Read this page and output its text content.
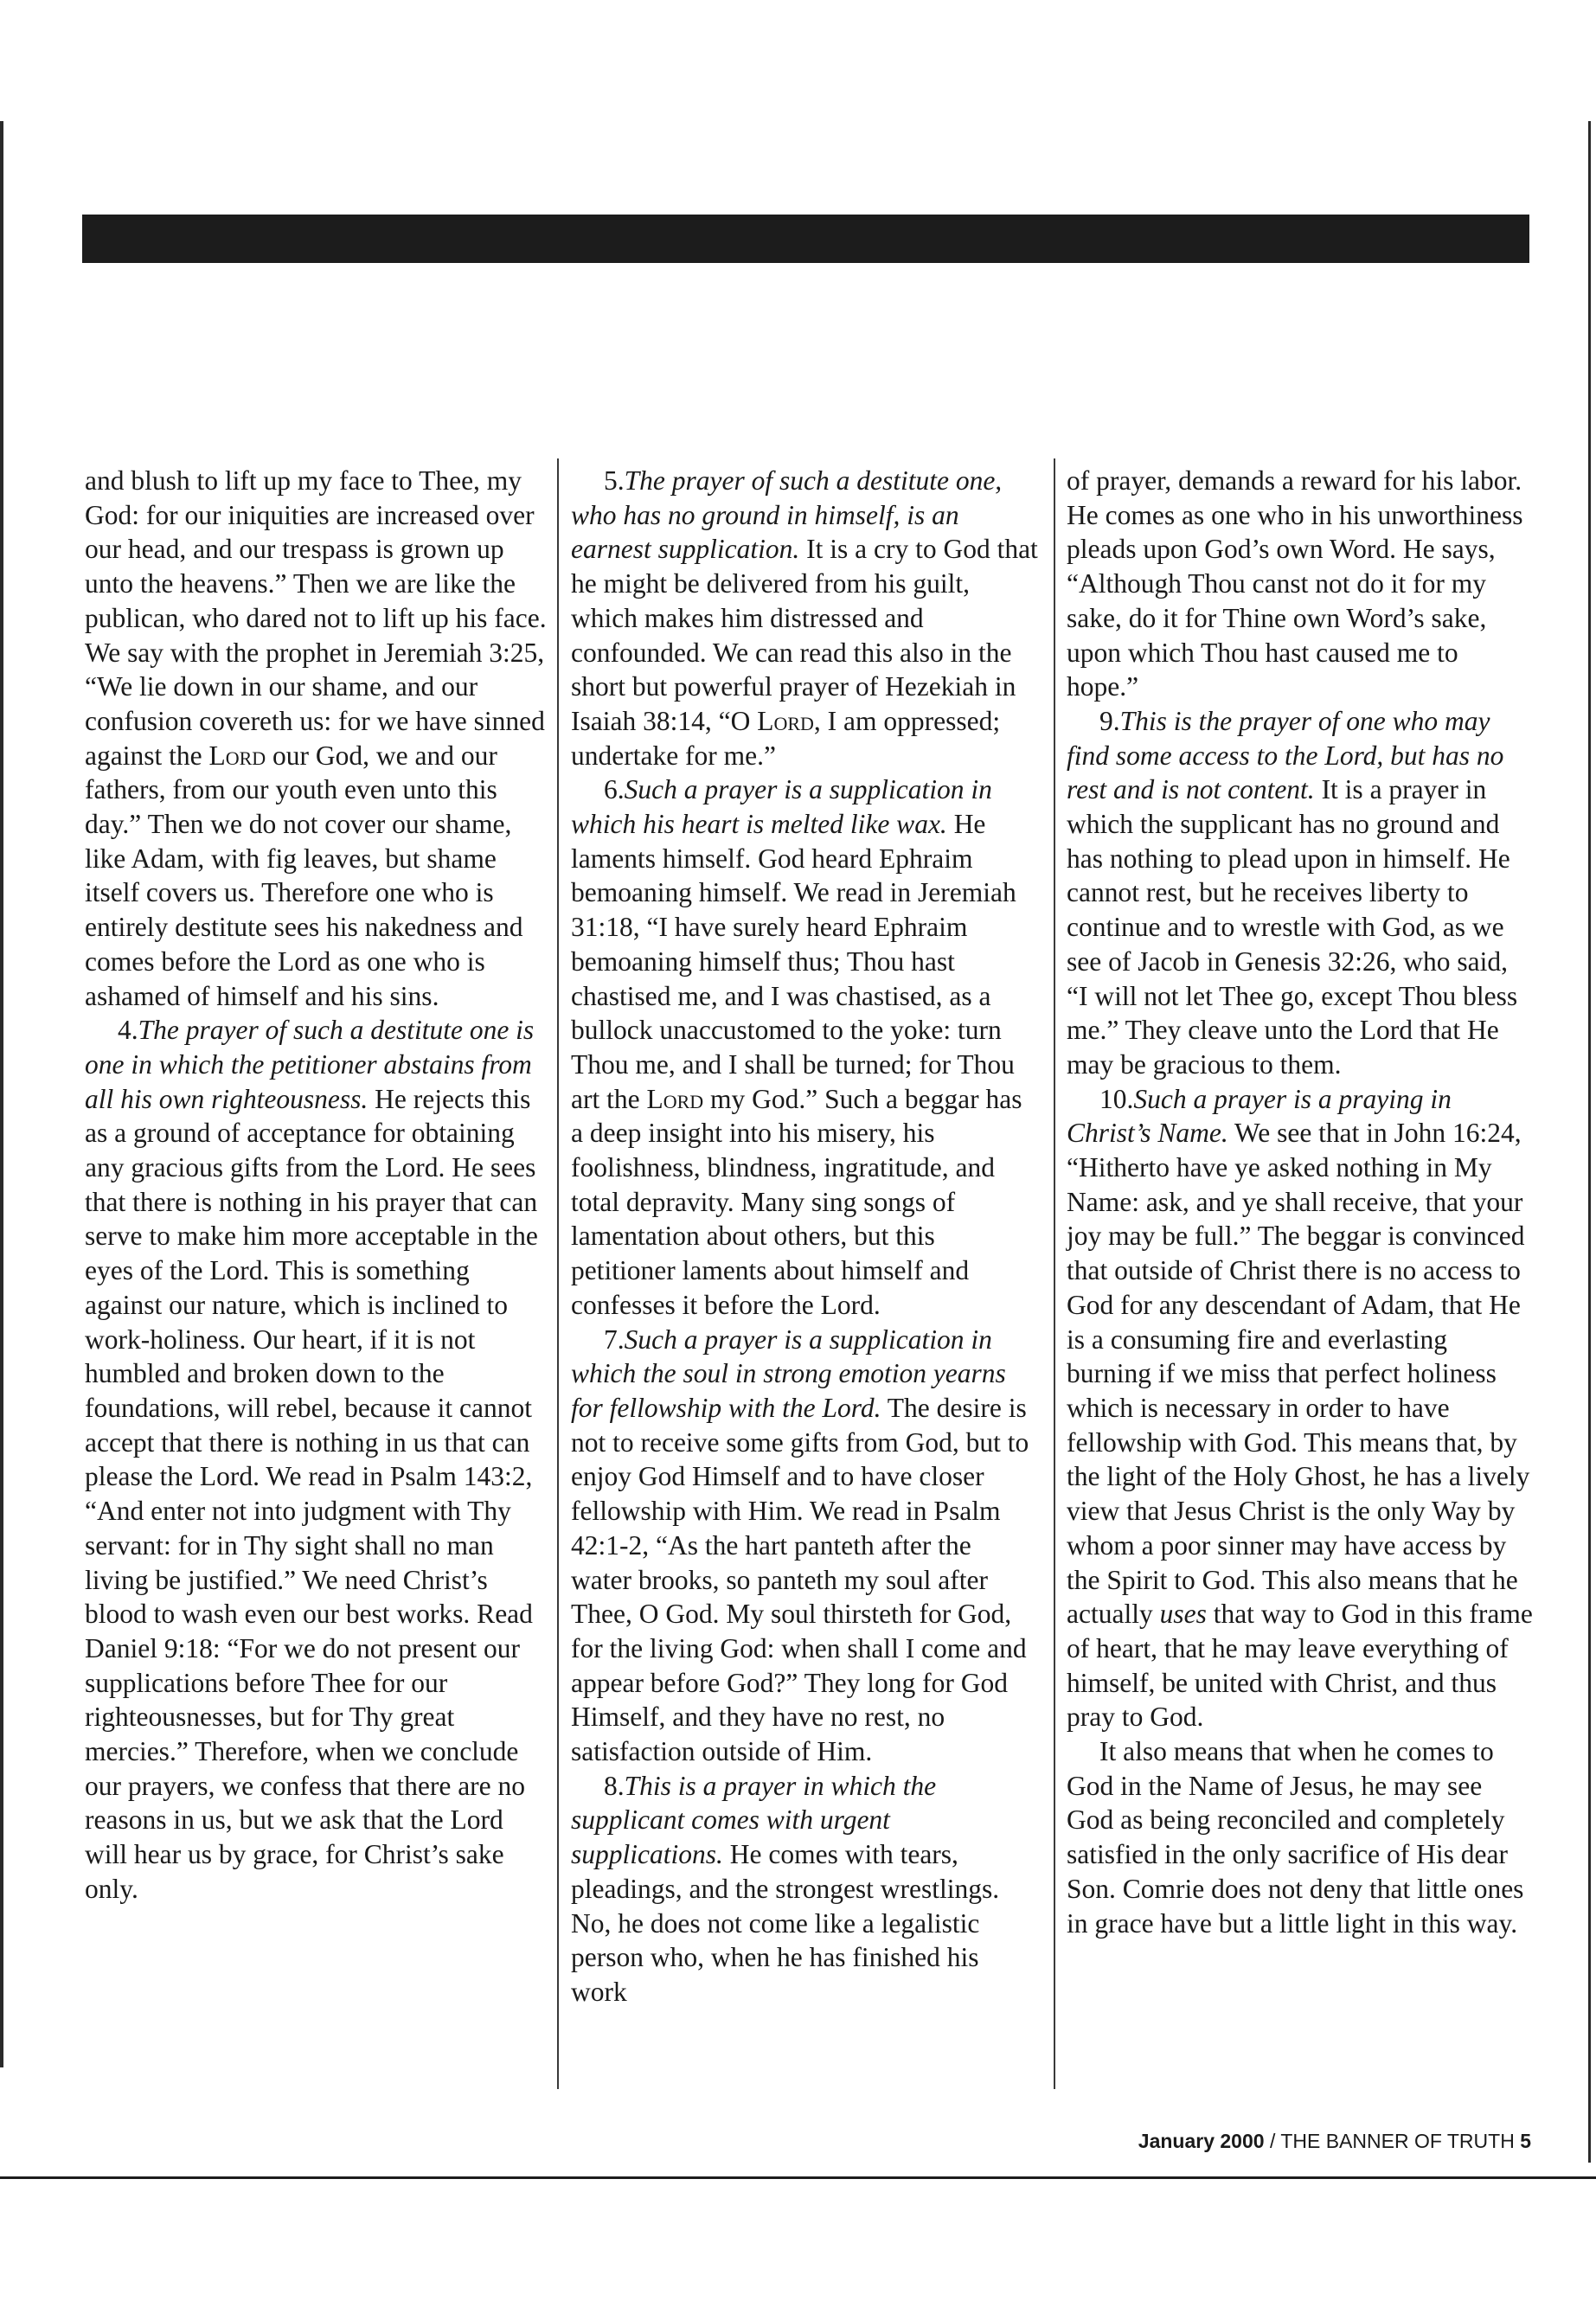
and blush to lift up my face to Thee, my God: for our iniquities are increased over our head, and our trespass is grown up unto the heavens.” Then we are like the publican, who dared not to lift up his face. We say with the prophet in Jeremiah 3:25, “We lie down in our shame, and our confusion covereth us: for we have sinned against the Lord our God, we and our fathers, from our youth even unto this day.” Then we do not cover our shame, like Adam, with fig leaves, but shame itself covers us. Therefore one who is entirely destitute sees his nakedness and comes before the Lord as one who is ashamed of himself and his sins.

4.The prayer of such a destitute one is one in which the petitioner abstains from all his own righteousness. He rejects this as a ground of acceptance for obtaining any gracious gifts from the Lord. He sees that there is nothing in his prayer that can serve to make him more acceptable in the eyes of the Lord. This is something against our nature, which is inclined to work-holiness. Our heart, if it is not humbled and broken down to the foundations, will rebel, because it cannot accept that there is nothing in us that can please the Lord. We read in Psalm 143:2, “And enter not into judgment with Thy servant: for in Thy sight shall no man living be justified.” We need Christ’s blood to wash even our best works. Read Daniel 9:18: “For we do not present our supplications before Thee for our righteousnesses, but for Thy great mercies.” Therefore, when we conclude our prayers, we confess that there are no reasons in us, but we ask that the Lord will hear us by grace, for Christ’s sake only.

5.The prayer of such a destitute one, who has no ground in himself, is an earnest supplication. It is a cry to God that he might be delivered from his guilt, which makes him distressed and confounded. We can read this also in the short but powerful prayer of Hezekiah in Isaiah 38:14, “O Lord, I am oppressed; undertake for me.”

6.Such a prayer is a supplication in which his heart is melted like wax. He laments himself. God heard Ephraim bemoaning himself. We read in Jeremiah 31:18, “I have surely heard Ephraim bemoaning himself thus; Thou hast chastised me, and I was chastised, as a bullock unaccustomed to the yoke: turn Thou me, and I shall be turned; for Thou art the Lord my God.” Such a beggar has a deep insight into his misery, his foolishness, blindness, ingratitude, and total depravity. Many sing songs of lamentation about others, but this petitioner laments about himself and confesses it before the Lord.

7.Such a prayer is a supplication in which the soul in strong emotion yearns for fellowship with the Lord. The desire is not to receive some gifts from God, but to enjoy God Himself and to have closer fellowship with Him. We read in Psalm 42:1-2, “As the hart panteth after the water brooks, so panteth my soul after Thee, O God. My soul thirsteth for God, for the living God: when shall I come and appear before God?” They long for God Himself, and they have no rest, no satisfaction outside of Him.

8.This is a prayer in which the supplicant comes with urgent supplications. He comes with tears, pleadings, and the strongest wrestlings. No, he does not come like a legalistic person who, when he has finished his work

of prayer, demands a reward for his labor. He comes as one who in his unworthiness pleads upon God’s own Word. He says, “Although Thou canst not do it for my sake, do it for Thine own Word’s sake, upon which Thou hast caused me to hope.”

9.This is the prayer of one who may find some access to the Lord, but has no rest and is not content. It is a prayer in which the supplicant has no ground and has nothing to plead upon in himself. He cannot rest, but he receives liberty to continue and to wrestle with God, as we see of Jacob in Genesis 32:26, who said, “I will not let Thee go, except Thou bless me.” They cleave unto the Lord that He may be gracious to them.

10.Such a prayer is a praying in Christ’s Name. We see that in John 16:24, “Hitherto have ye asked nothing in My Name: ask, and ye shall receive, that your joy may be full.” The beggar is convinced that outside of Christ there is no access to God for any descendant of Adam, that He is a consuming fire and everlasting burning if we miss that perfect holiness which is necessary in order to have fellowship with God. This means that, by the light of the Holy Ghost, he has a lively view that Jesus Christ is the only Way by whom a poor sinner may have access by the Spirit to God. This also means that he actually uses that way to God in this frame of heart, that he may leave everything of himself, be united with Christ, and thus pray to God.

It also means that when he comes to God in the Name of Jesus, he may see God as being reconciled and completely satisfied in the only sacrifice of His dear Son. Comrie does not deny that little ones in grace have but a little light in this way.

January 2000 / THE BANNER OF TRUTH 5
